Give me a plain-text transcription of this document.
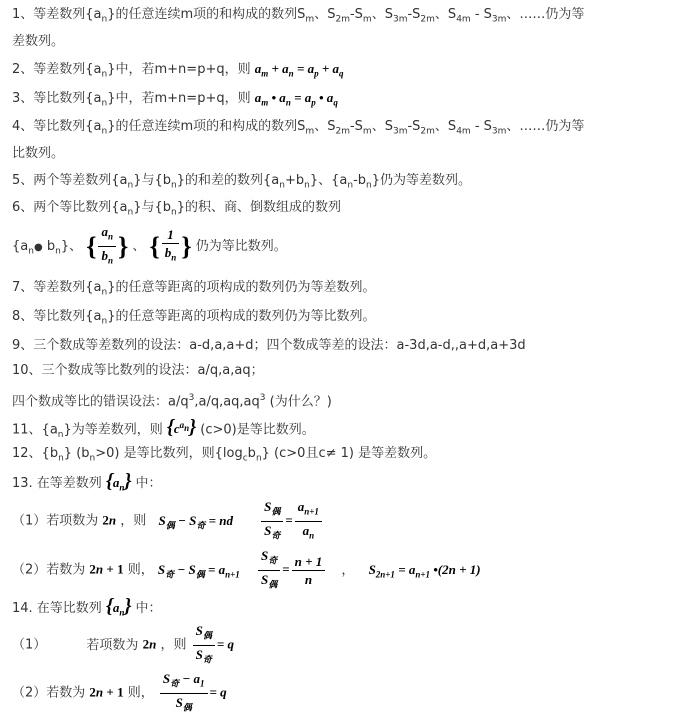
1、等差数列$\{a_n\}$的任意连续m项的和构成的数列$S_m$、$S_{2m}-S_m$、$S_{3m}-S_{2m}$、$S_{4m} - S_{3m}$、……仍为等
差数列。
2、等差数列$\{a_n\}$中，若m+n=p+q，则 $a_m + a_n = a_p + a_q$
3、等比数列$\{a_n\}$中，若m+n=p+q，则 $a_m$ • $a_n = a_p$ • $a_q$
4、等比数列$\{a_n\}$的任意连续m项的和构成的数列$S_m$、$S_{2m}-S_m$、$S_{3m}-S_{2m}$、$S_{4m} - S_{3m}$、……仍为等
比数列。
5、两个等差数列$\{a_n\}$与$\{b_n\}$的和差的数列$\{a_n+b_n\}$、$\{a_n-b_n\}$仍为等差数列。
6、两个等比数列$\{a_n\}$与$\{b_n\}$的积、商、倒数组成的数列
{$a_n●$ $b_n$}、 { $\frac{a_n}{b_n}$ } 、 { $\frac{1}{b_n}$ } 仍为等比数列。
7、等差数列$\{a_n\}$的任意等距离的项构成的数列仍为等差数列。
8、等比数列$\{a_n\}$的任意等距离的项构成的数列仍为等比数列。
9、三个数成等差数列的设法：a-d,a,a+d；四个数成等差的设法：a-3d,a-d,,a+d,a+3d
10、三个数成等比数列的设法：a/q,a,aq；
四个数成等比的错误设法：$a/q^3,a/q,aq,aq^3$ (为什么？)
11、$\{a_n\}$为等差数列，则 $\{c^{a_n}\}$ (c>0)是等比数列。
12、$\{b_n\}$ $(b_n>0)$ 是等比数列，则$\{\log_cb_n\}$ (c>0且c≠ 1) 是等差数列。
13. 在等差数列 $\{a_n\}$ 中：
（1）若项数为 2n ，则 $S_偶 - S_奇$ = nd $\frac{S_偶}{S_奇} = \frac{a_{n+1}}{a_n}$
（2）若数为 2n + 1 则， $S_奇 - S_偶 = a_{n+1} \frac{S_奇}{S_偶} = \frac{n + 1}{n}$ ， $S_{2n+1} = a_{n+1}$ •(2n + 1)
14. 在等比数列 $\{a_n\}$ 中：
（1）	若项数为 2n ，则 $\frac{S_偶}{S_奇} = q$
（2）若数为 2n + 1 则， $\frac{S_奇 - a_1}{S_偶} = q$
